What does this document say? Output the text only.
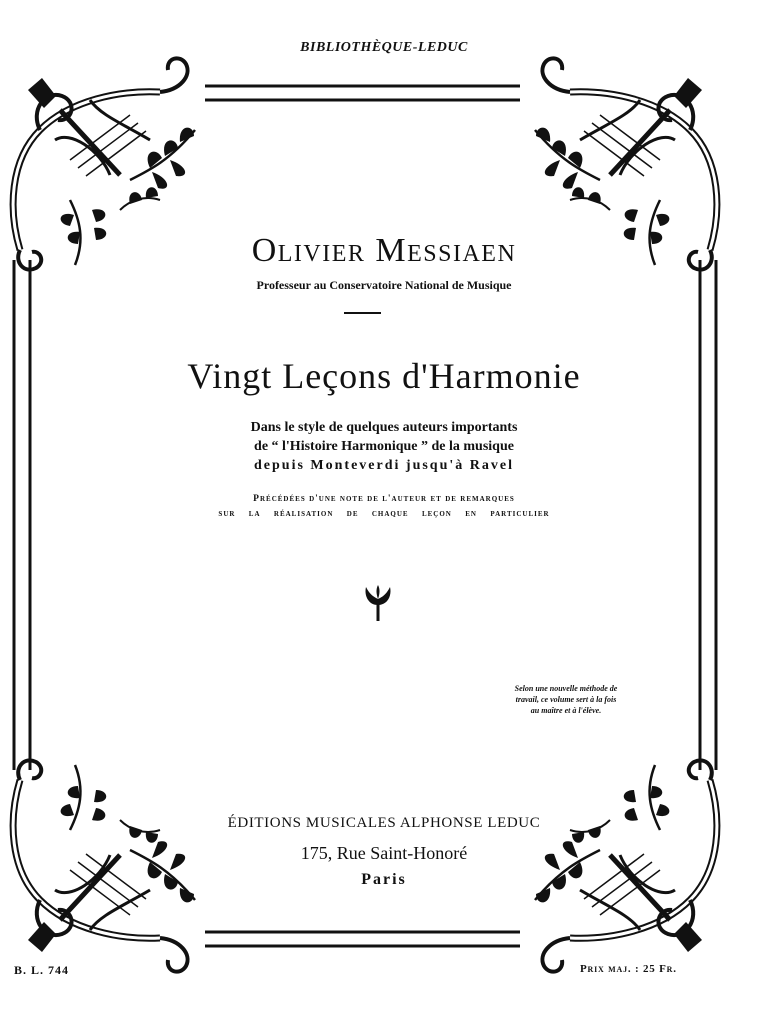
BIBLIOTHÈQUE-LEDUC
Olivier Messiaen
Professeur au Conservatoire National de Musique
Vingt Leçons d'Harmonie
Dans le style de quelques auteurs importants
de “ l'Histoire Harmonique ” de la musique
depuis Monteverdi jusqu'à Ravel
Précédées d'une note de l'auteur et de remarques
sur la réalisation de chaque leçon en particulier
Selon une nouvelle méthode de
travail, ce volume sert à la fois
au maître et à l'élève.
ÉDITIONS MUSICALES ALPHONSE LEDUC
175, Rue Saint-Honoré
Paris
B. L. 744	Prix maj. : 25 Fr.
